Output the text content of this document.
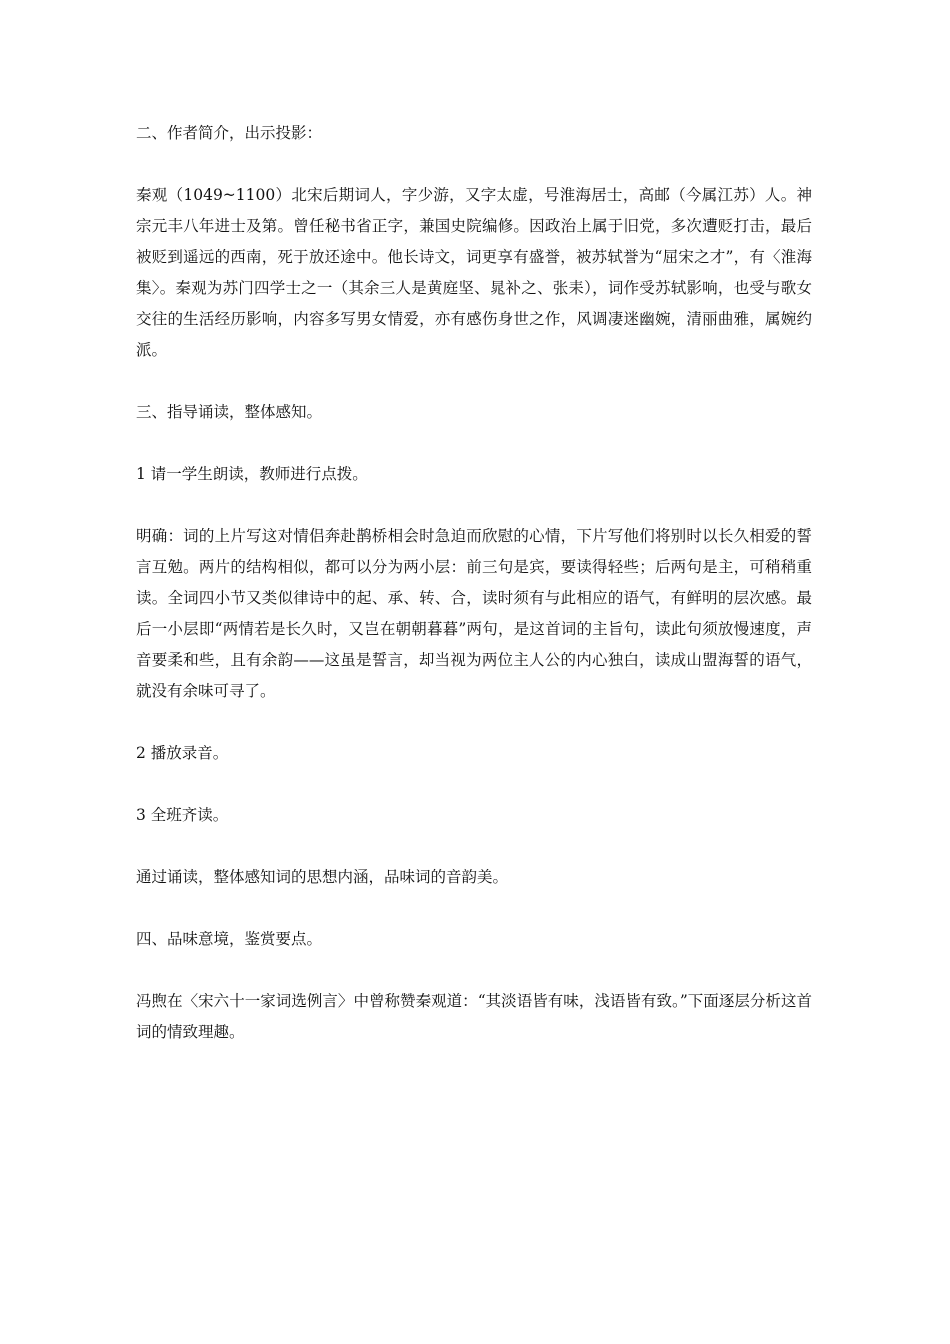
二、作者简介，出示投影：

秦观（1049~1100）北宋后期词人，字少游，又字太虚，号淮海居士，高邮（今属江苏）人。神宗元丰八年进士及第。曾任秘书省正字，兼国史院编修。因政治上属于旧党，多次遭贬打击，最后被贬到遥远的西南，死于放还途中。他长诗文，词更享有盛誉，被苏轼誉为“屈宋之才”，有〈淮海集〉。秦观为苏门四学士之一（其余三人是黄庭坚、晁补之、张耒），词作受苏轼影响，也受与歌女交往的生活经历影响，内容多写男女情爱，亦有感伤身世之作，风调凄迷幽婉，清丽曲雅，属婉约派。

三、指导诵读，整体感知。

1 请一学生朗读，教师进行点拨。

明确：词的上片写这对情侣奔赴鹊桥相会时急迫而欣慰的心情，下片写他们将别时以长久相爱的誓言互勉。两片的结构相似，都可以分为两小层：前三句是宾，要读得轻些；后两句是主，可稍稍重读。全词四小节又类似律诗中的起、承、转、合，读时须有与此相应的语气，有鲜明的层次感。最后一小层即“两情若是长久时，又岂在朝朝暮暮”两句，是这首词的主旨句，读此句须放慢速度，声音要柔和些，且有余韵——这虽是誓言，却当视为两位主人公的内心独白，读成山盟海誓的语气，就没有余味可寻了。

2 播放录音。

3 全班齐读。

通过诵读，整体感知词的思想内涵，品味词的音韵美。

四、品味意境，鉴赏要点。

冯煦在〈宋六十一家词选例言〉中曾称赞秦观道：“其淡语皆有味，浅语皆有致。”下面逐层分析这首词的情致理趣。
